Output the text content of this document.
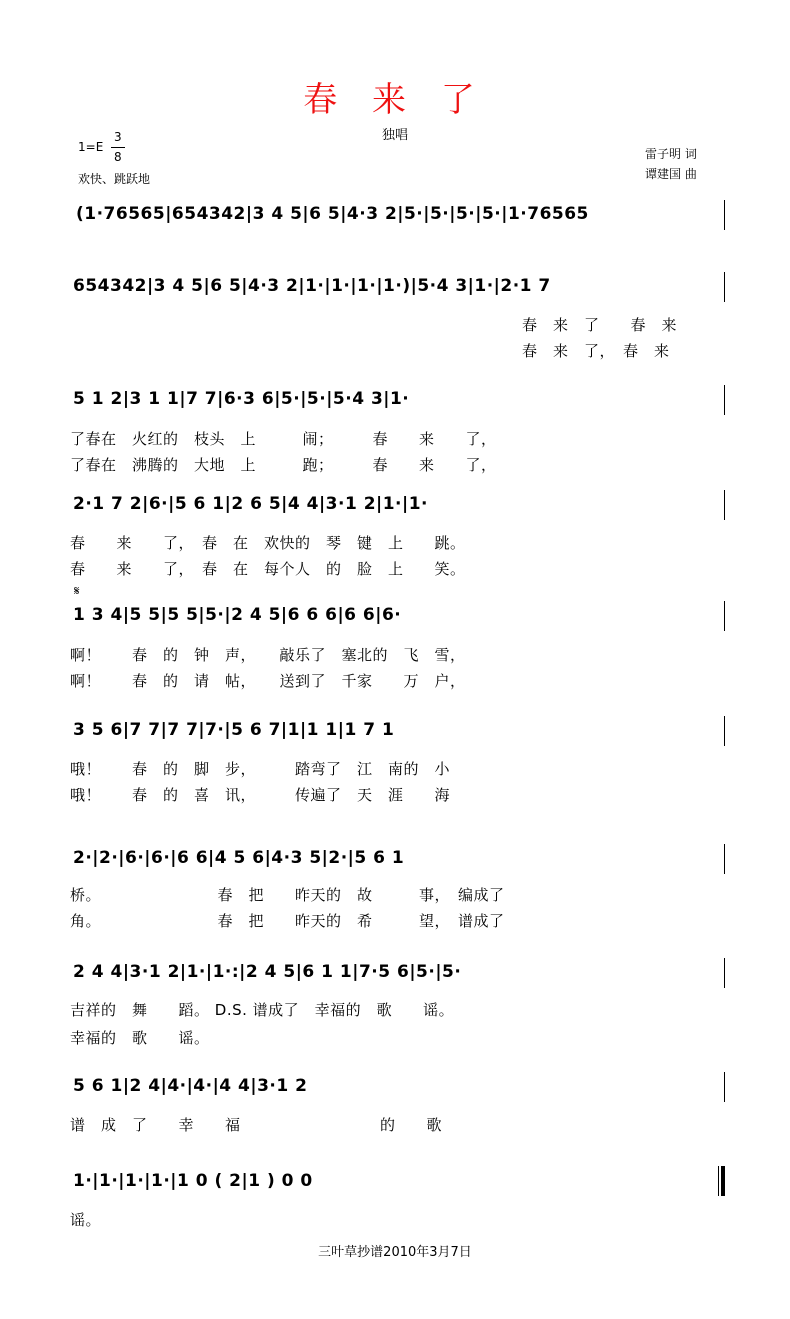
春 来 了
独唱
1=E
3
8
欢快、跳跃地
雷子明 词
谭建国 曲
(1·76565|654342|3 4 5|6 5|4·3 2|5·|5·|5·|5·|1·76565
654342|3 4 5|6 5|4·3 2|1·|1·|1·|1·)|5·4 3|1·|2·1 7
春　来　了　　春　来
春　来　了，　春　来
5 1 2|3 1 1|7 7|6·3 6|5·|5·|5·4 3|1·
了春在　火红的　枝头　上　　　闹；　　　春　　来　　了，
了春在　沸腾的　大地　上　　　跑；　　　春　　来　　了，
2·1 7 2|6·|5 6 1|2 6 5|4 4|3·1 2|1·|1·
春　　来　　了，　春　在　欢快的　琴　键　上　　跳。
春　　来　　了，　春　在　每个人　的　脸　上　　笑。
𝄋
1 3 4|5 5|5 5|5·|2 4 5|6 6 6|6 6|6·
啊！　　春　的　钟　声，　　敲乐了　塞北的　飞　雪，
啊！　　春　的　请　帖，　　送到了　千家　　万　户，
3 5 6|7 7|7 7|7·|5 6 7|1|1 1|1 7 1
哦！　　春　的　脚　步，　　　踏弯了　江　南的　小
哦！　　春　的　喜　讯，　　　传遍了　天　涯　　海
2·|2·|6·|6·|6 6|4 5 6|4·3 5|2·|5 6 1
桥。　　　　　　　　春　把　　昨天的　故　　　事，　编成了
角。　　　　　　　　春　把　　昨天的　希　　　望，　谱成了
2 4 4|3·1 2|1·|1·:|2 4 5|6 1 1|7·5 6|5·|5·
吉祥的　舞　　蹈。 D.S. 谱成了　幸福的　歌　　谣。
幸福的　歌　　谣。
5 6 1|2 4|4·|4·|4 4|3·1 2
谱　成　了　　幸　　福　　　　　　　　　的　　歌
1·|1·|1·|1·|1 0 ( 2|1 ) 0 0
谣。
三叶草抄谱2010年3月7日
